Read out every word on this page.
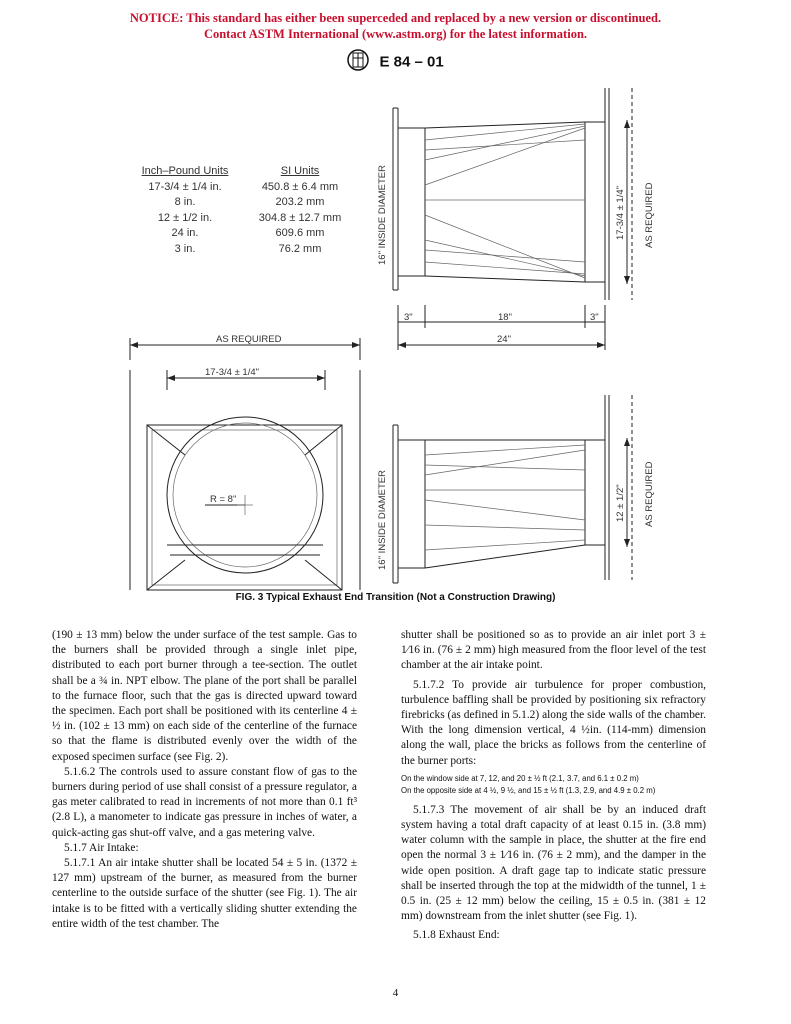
NOTICE: This standard has either been superceded and replaced by a new version or discontinued.
Contact ASTM International (www.astm.org) for the latest information.
E 84 – 01
16" INSIDE DIAMETER
16" INSIDE DIAMETER
17-3/4 ± 1/4" AS REQUIRED
12 ± 1/2" AS REQUIRED
3"	18"	3"
24"
AS REQUIRED
17-3/4 ± 1/4"
R = 8"
Inch–Pound Units
17-3/4 ± 1/4 in.
8 in.
12 ± 1/2 in.
24 in.
3 in.
SI Units
450.8 ± 6.4 mm
203.2 mm
304.8 ± 12.7 mm
609.6 mm
76.2 mm
FIG. 3 Typical Exhaust End Transition (Not a Construction Drawing)

(190 ± 13 mm) below the under surface of the test sample. Gas to the burners shall be provided through a single inlet pipe, distributed to each port burner through a tee-section. The outlet shall be a ¾ in. NPT elbow. The plane of the port shall be parallel to the furnace floor, such that the gas is directed upward toward the specimen. Each port shall be positioned with its centerline 4 ± ½ in. (102 ± 13 mm) on each side of the centerline of the furnace so that the flame is distributed evenly over the width of the exposed specimen surface (see Fig. 2).

5.1.6.2 The controls used to assure constant flow of gas to the burners during period of use shall consist of a pressure regulator, a gas meter calibrated to read in increments of not more than 0.1 ft³ (2.8 L), a manometer to indicate gas pressure in inches of water, a quick-acting gas shut-off valve, and a gas metering valve.

5.1.7 Air Intake:

5.1.7.1 An air intake shutter shall be located 54 ± 5 in. (1372 ± 127 mm) upstream of the burner, as measured from the burner centerline to the outside surface of the shutter (see Fig. 1). The air intake is to be fitted with a vertically sliding shutter extending the entire width of the test chamber. The

shutter shall be positioned so as to provide an air inlet port 3 ± 1⁄16 in. (76 ± 2 mm) high measured from the floor level of the test chamber at the air intake point.

5.1.7.2 To provide air turbulence for proper combustion, turbulence baffling shall be provided by positioning six refractory firebricks (as defined in 5.1.2) along the side walls of the chamber. With the long dimension vertical, 4 ½in. (114-mm) dimension along the wall, place the bricks as follows from the centerline of the burner ports:

On the window side at 7, 12, and 20 ± ½ ft (2.1, 3.7, and 6.1 ± 0.2 m)

On the opposite side at 4 ½, 9 ½, and 15 ± ½ ft (1.3, 2.9, and 4.9 ± 0.2 m)

5.1.7.3 The movement of air shall be by an induced draft system having a total draft capacity of at least 0.15 in. (3.8 mm) water column with the sample in place, the shutter at the fire end open the normal 3 ± 1⁄16 in. (76 ± 2 mm), and the damper in the wide open position. A draft gage tap to indicate static pressure shall be inserted through the top at the midwidth of the tunnel, 1 ± 0.5 in. (25 ± 12 mm) below the ceiling, 15 ± 0.5 in. (381 ± 12 mm) downstream from the inlet shutter (see Fig. 1).

5.1.8 Exhaust End:

4
